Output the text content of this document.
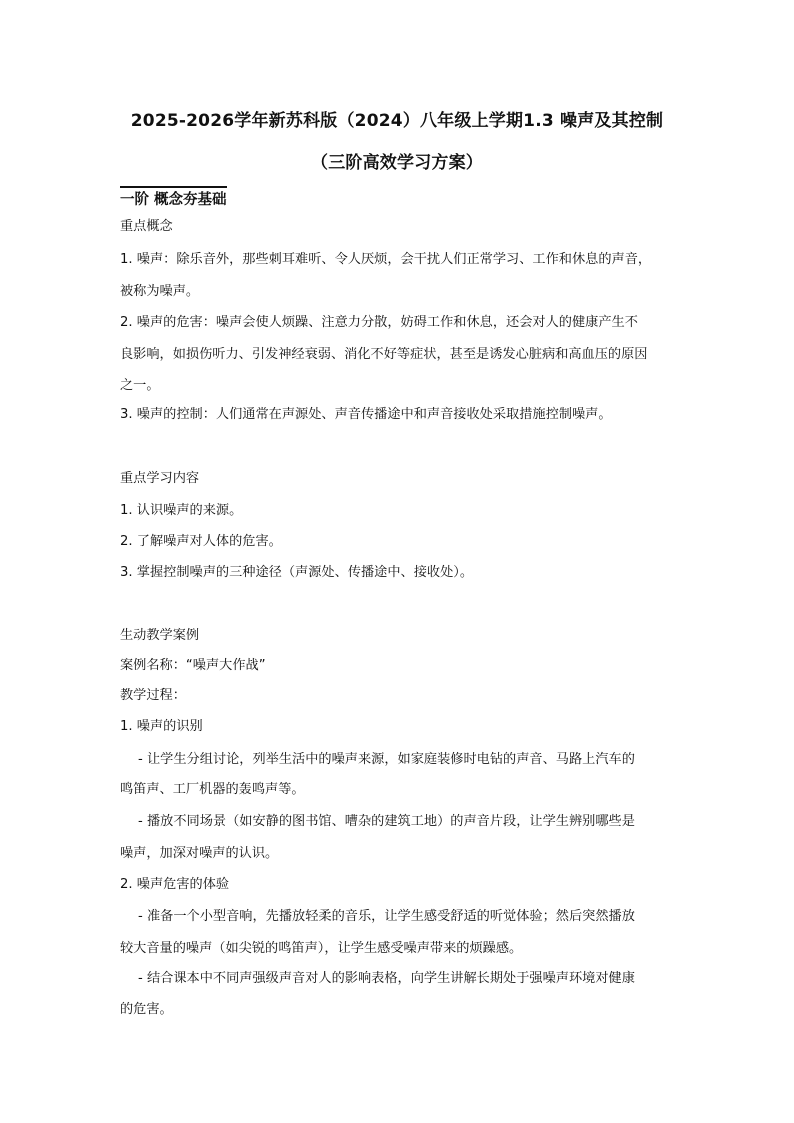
2025-2026学年新苏科版（2024）八年级上学期1.3 噪声及其控制
（三阶高效学习方案）
一阶 概念夯基础
重点概念
1. 噪声：除乐音外，那些刺耳难听、令人厌烦，会干扰人们正常学习、工作和休息的声音，
被称为噪声。
2. 噪声的危害：噪声会使人烦躁、注意力分散，妨碍工作和休息，还会对人的健康产生不
良影响，如损伤听力、引发神经衰弱、消化不好等症状，甚至是诱发心脏病和高血压的原因
之一。
3. 噪声的控制：人们通常在声源处、声音传播途中和声音接收处采取措施控制噪声。
重点学习内容
1. 认识噪声的来源。
2. 了解噪声对人体的危害。
3. 掌握控制噪声的三种途径（声源处、传播途中、接收处）。
生动教学案例
案例名称：“噪声大作战”
教学过程：
1. 噪声的识别
- 让学生分组讨论，列举生活中的噪声来源，如家庭装修时电钻的声音、马路上汽车的
鸣笛声、工厂机器的轰鸣声等。
- 播放不同场景（如安静的图书馆、嘈杂的建筑工地）的声音片段，让学生辨别哪些是
噪声，加深对噪声的认识。
2. 噪声危害的体验
- 准备一个小型音响，先播放轻柔的音乐，让学生感受舒适的听觉体验；然后突然播放
较大音量的噪声（如尖锐的鸣笛声），让学生感受噪声带来的烦躁感。
- 结合课本中不同声强级声音对人的影响表格，向学生讲解长期处于强噪声环境对健康
的危害。
